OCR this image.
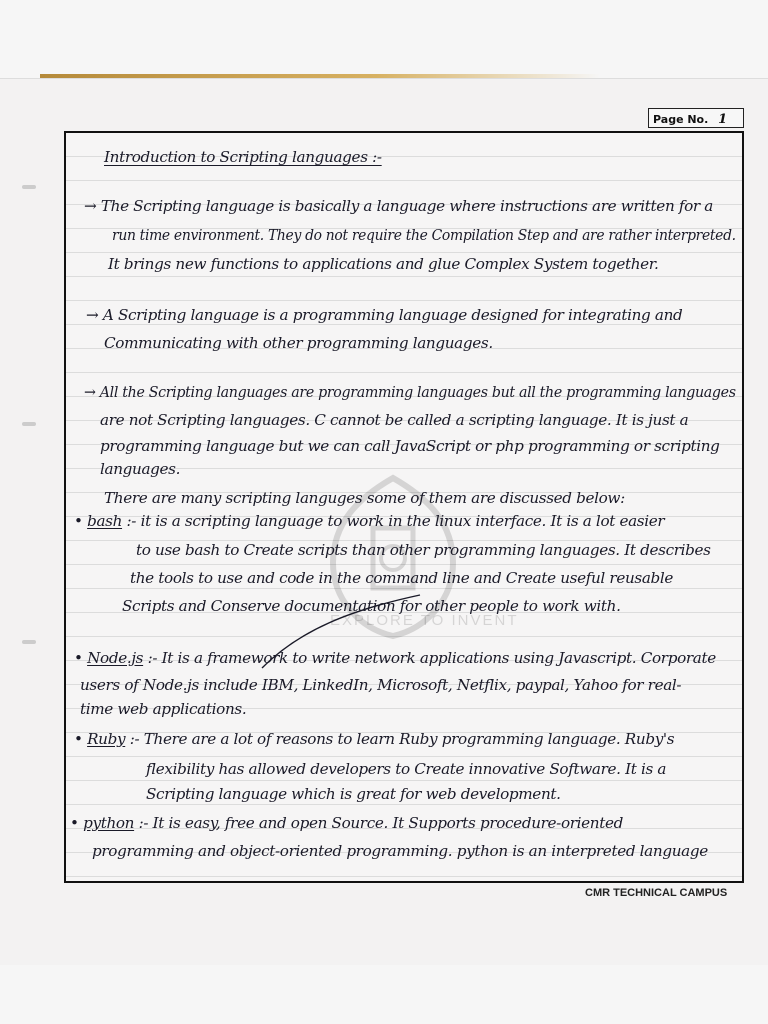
Page No. 1
EXPLORE TO INVENT
Introduction to Scripting languages :-
→ The Scripting language is basically a language where instructions are written for a
run time environment. They do not require the Compilation Step and are rather interpreted.
It brings new functions to applications and glue Complex System together.
→ A Scripting language is a programming language designed for integrating and
Communicating with other programming languages.
→ All the Scripting languages are programming languages but all the programming languages
are not Scripting languages. C cannot be called a scripting language. It is just a
programming language but we can call JavaScript or php programming or scripting
languages.
There are many scripting languges some of them are discussed below:
• bash :- it is a scripting language to work in the linux interface. It is a lot easier
to use bash to Create scripts than other programming languages. It describes
the tools to use and code in the command line and Create useful reusable
Scripts and Conserve documentation for other people to work with.
• Node.js :- It is a framework to write network applications using Javascript. Corporate
users of Node.js include IBM, LinkedIn, Microsoft, Netflix, paypal, Yahoo for real-
time web applications.
• Ruby :- There are a lot of reasons to learn Ruby programming language. Ruby's
flexibility has allowed developers to Create innovative Software. It is a
Scripting language which is great for web development.
• python :- It is easy, free and open Source. It Supports procedure-oriented
programming and object-oriented programming. python is an interpreted language
CMR TECHNICAL CAMPUS
